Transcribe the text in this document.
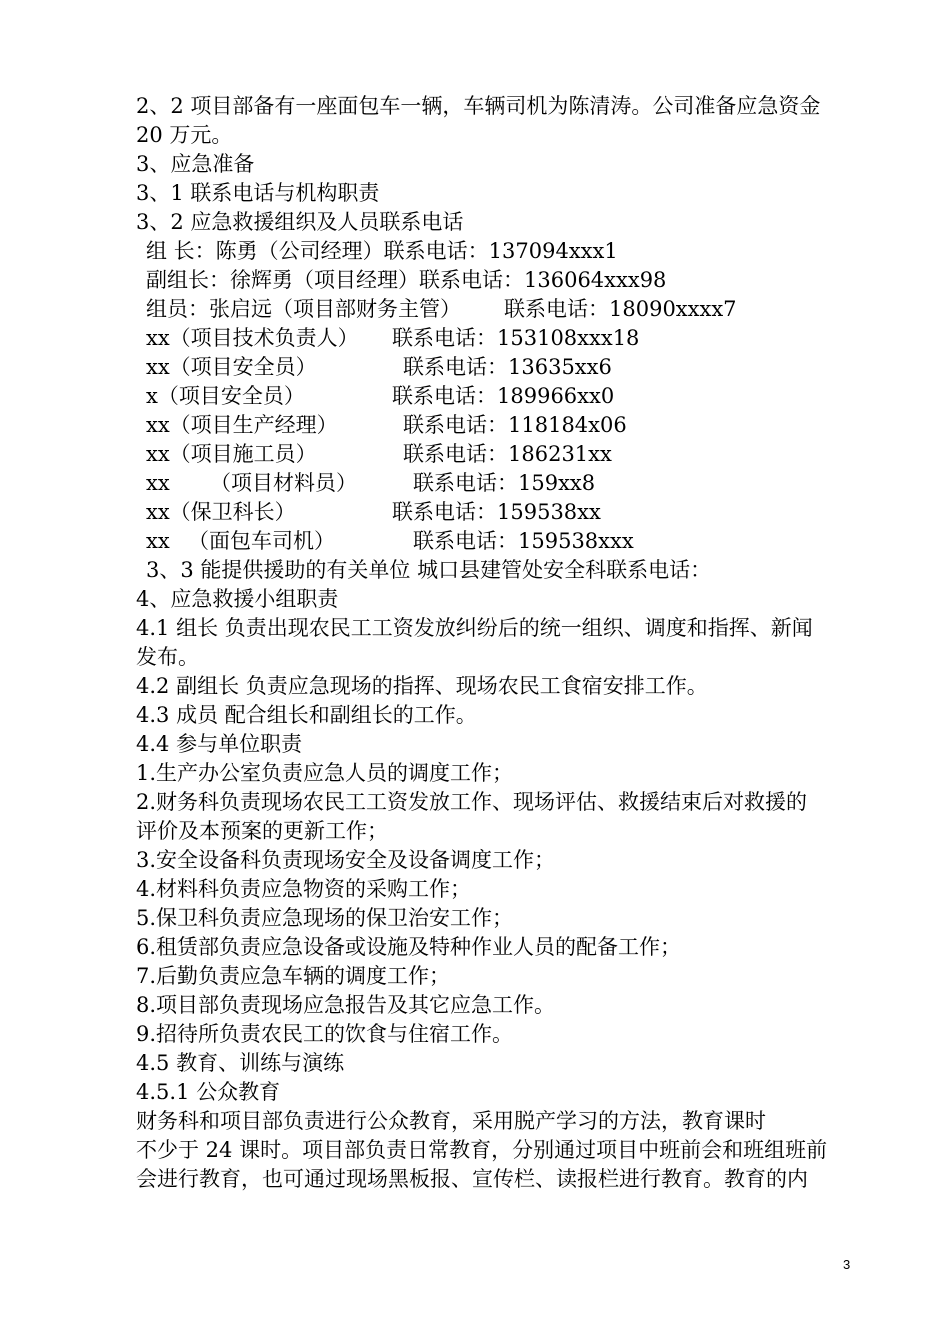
2、2 项目部备有一座面包车一辆，车辆司机为陈清涛。公司准备应急资金
20 万元。
3、应急准备
3、1 联系电话与机构职责
3、2 应急救援组织及人员联系电话
组 长：陈勇（公司经理）联系电话：137094xxx1
副组长：徐辉勇（项目经理）联系电话：136064xxx98
组员：张启远（项目部财务主管） 联系电话：18090xxxx7
xx（项目技术负责人） 联系电话：153108xxx18
xx（项目安全员）	联系电话：13635xx6
x（项目安全员）	联系电话：189966xx0
xx（项目生产经理）	联系电话：118184x06
xx（项目施工员）	联系电话：186231xx
xx （项目材料员）	联系电话：159xx8
xx（保卫科长）	联系电话：159538xx
xx （面包车司机）	联系电话：159538xxx
3、3 能提供援助的有关单位 城口县建管处安全科联系电话：
4、应急救援小组职责
4.1 组长 负责出现农民工工资发放纠纷后的统一组织、调度和指挥、新闻
发布。
4.2 副组长 负责应急现场的指挥、现场农民工食宿安排工作。
4.3 成员 配合组长和副组长的工作。
4.4 参与单位职责
1.生产办公室负责应急人员的调度工作；
2.财务科负责现场农民工工资发放工作、现场评估、救援结束后对救援的
评价及本预案的更新工作；
3.安全设备科负责现场安全及设备调度工作；
4.材料科负责应急物资的采购工作；
5.保卫科负责应急现场的保卫治安工作；
6.租赁部负责应急设备或设施及特种作业人员的配备工作；
7.后勤负责应急车辆的调度工作；
8.项目部负责现场应急报告及其它应急工作。
9.招待所负责农民工的饮食与住宿工作。
4.5 教育、训练与演练
4.5.1 公众教育
财务科和项目部负责进行公众教育，采用脱产学习的方法，教育课时
不少于 24 课时。项目部负责日常教育，分别通过项目中班前会和班组班前
会进行教育，也可通过现场黑板报、宣传栏、读报栏进行教育。教育的内
3
